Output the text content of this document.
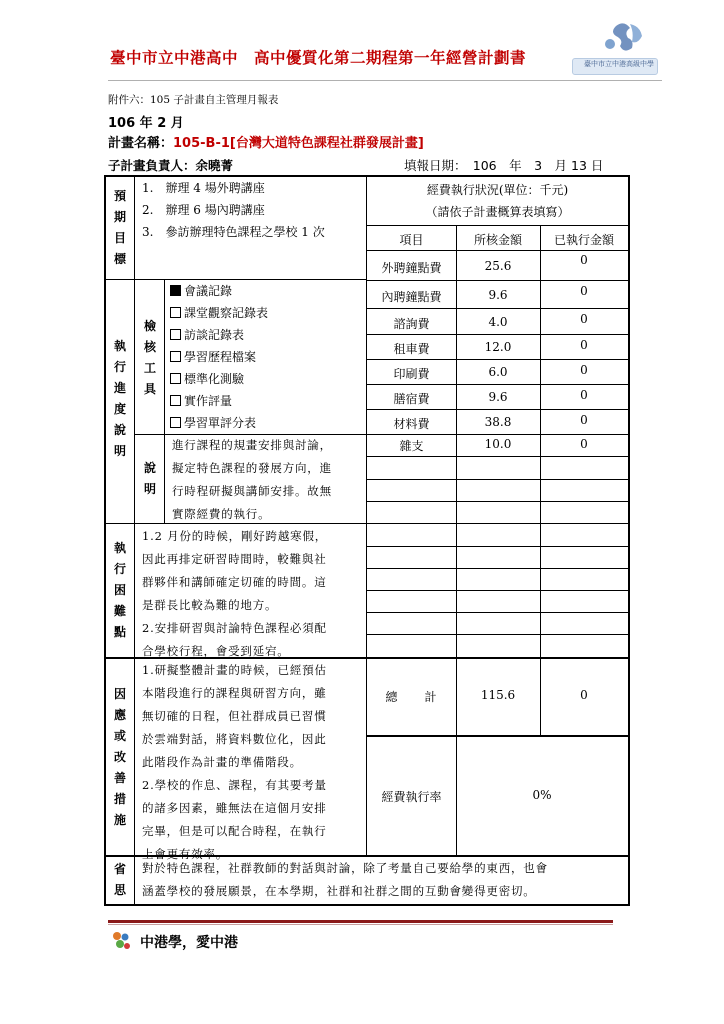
臺中市立中港高中　高中優質化第二期程第一年經營計劃書	臺中市立中港高級中學
附件六：105 子計畫自主管理月報表
106 年 2 月
計畫名稱：105-B-1[台灣大道特色課程社群發展計畫]
子計畫負責人：余曉菁	填報日期：　106　年　3　月 13 日
預
期
目
標
1.　辦理 4 場外聘講座
2.　辦理 6 場內聘講座
3.　參訪辦理特色課程之學校 1 次
執
行
進
度
說
明
檢
核
工
具
會議記錄
課堂觀察記錄表
訪談記錄表
學習歷程檔案
標準化測驗
實作評量
學習單評分表
說
明
進行課程的規畫安排與討論，
擬定特色課程的發展方向，進
行時程研擬與講師安排。故無
實際經費的執行。
執
行
困
難
點
1.2 月份的時候，剛好跨越寒假，
因此再排定研習時間時，較難與社
群夥伴和講師確定切確的時間。這
是群長比較為難的地方。
2.安排研習與討論特色課程必須配
合學校行程，會受到延宕。
因
應
或
改
善
措
施
1.研擬整體計畫的時候，已經預估
本階段進行的課程與研習方向，雖
無切確的日程，但社群成員已習慣
於雲端對話，將資料數位化，因此
此階段作為計畫的準備階段。
2.學校的作息、課程，有其要考量
的諸多因素，雖無法在這個月安排
完畢，但是可以配合時程，在執行
上會更有效率。
省
思
對於特色課程，社群教師的對話與討論，除了考量自己要給學的東西，也會
涵蓋學校的發展願景，在本學期，社群和社群之間的互動會變得更密切。
經費執行狀況(單位：千元)
（請依子計畫概算表填寫）
項目	所核金額	已執行金額
外聘鐘點費	25.6	0
內聘鐘點費	9.6	0
諮詢費	4.0	0
租車費	12.0	0
印刷費	6.0	0
膳宿費	9.6	0
材料費	38.8	0
雜支	10.0	0
總　　計	115.6	0
經費執行率	0%
中港學，愛中港
